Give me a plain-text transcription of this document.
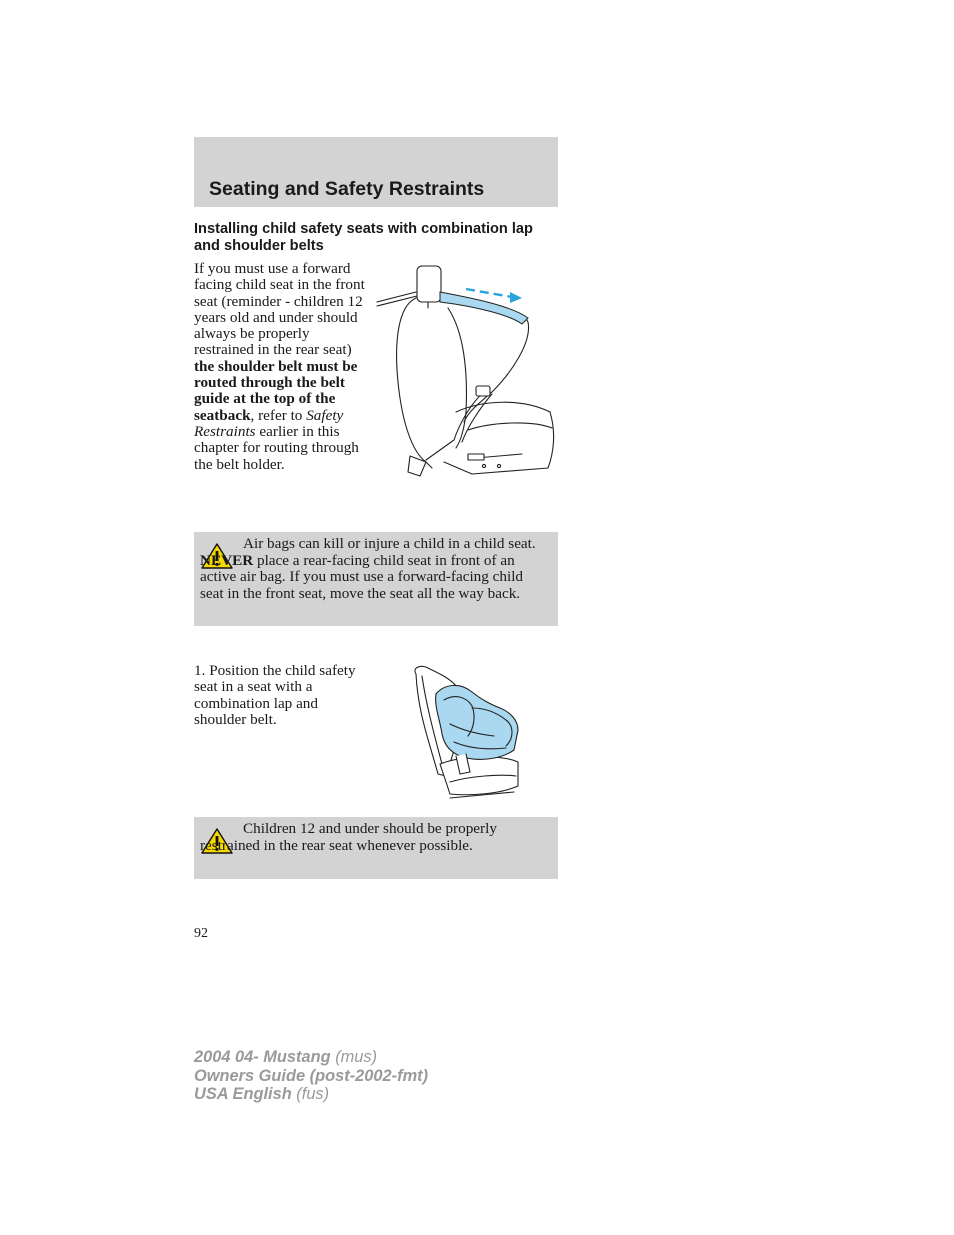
Seating and Safety Restraints
Installing child safety seats with combination lap and shoulder belts
If you must use a forward facing child seat in the front seat (reminder - children 12 years old and under should always be properly restrained in the rear seat) the shoulder belt must be routed through the belt guide at the top of the seatback, refer to Safety Restraints earlier in this chapter for routing through the belt holder.
Air bags can kill or injure a child in a child seat. NEVER place a rear-facing child seat in front of an active air bag. If you must use a forward-facing child seat in the front seat, move the seat all the way back.
1. Position the child safety seat in a seat with a combination lap and shoulder belt.
Children 12 and under should be properly restrained in the rear seat whenever possible.
92
2004 04- Mustang (mus)
Owners Guide (post-2002-fmt)
USA English (fus)
